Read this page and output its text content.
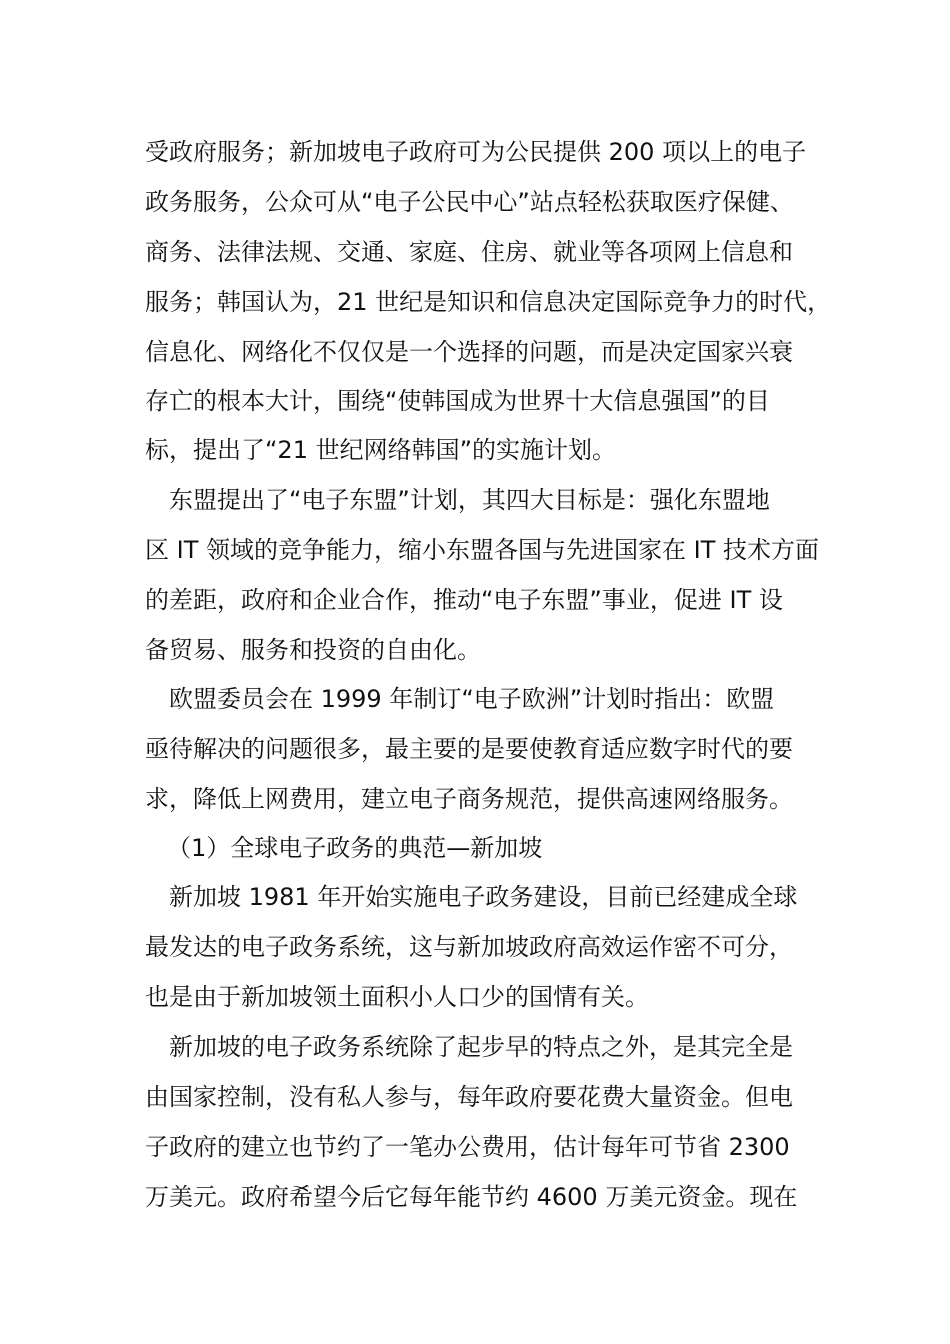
受政府服务；新加坡电子政府可为公民提供 200 项以上的电子
政务服务，公众可从“电子公民中心”站点轻松获取医疗保健、
商务、法律法规、交通、家庭、住房、就业等各项网上信息和
服务；韩国认为，21 世纪是知识和信息决定国际竞争力的时代，
信息化、网络化不仅仅是一个选择的问题，而是决定国家兴衰
存亡的根本大计，围绕“使韩国成为世界十大信息强国”的目
标，提出了“21 世纪网络韩国”的实施计划。
东盟提出了“电子东盟”计划，其四大目标是：强化东盟地
区 IT 领域的竞争能力，缩小东盟各国与先进国家在 IT 技术方面
的差距，政府和企业合作，推动“电子东盟”事业，促进 IT 设
备贸易、服务和投资的自由化。
欧盟委员会在 1999 年制订“电子欧洲”计划时指出：欧盟
亟待解决的问题很多，最主要的是要使教育适应数字时代的要
求，降低上网费用，建立电子商务规范，提供高速网络服务。
（1）全球电子政务的典范—新加坡
新加坡 1981 年开始实施电子政务建设，目前已经建成全球
最发达的电子政务系统，这与新加坡政府高效运作密不可分，
也是由于新加坡领土面积小人口少的国情有关。
新加坡的电子政务系统除了起步早的特点之外，是其完全是
由国家控制，没有私人参与，每年政府要花费大量资金。但电
子政府的建立也节约了一笔办公费用，估计每年可节省 2300
万美元。政府希望今后它每年能节约 4600 万美元资金。现在
